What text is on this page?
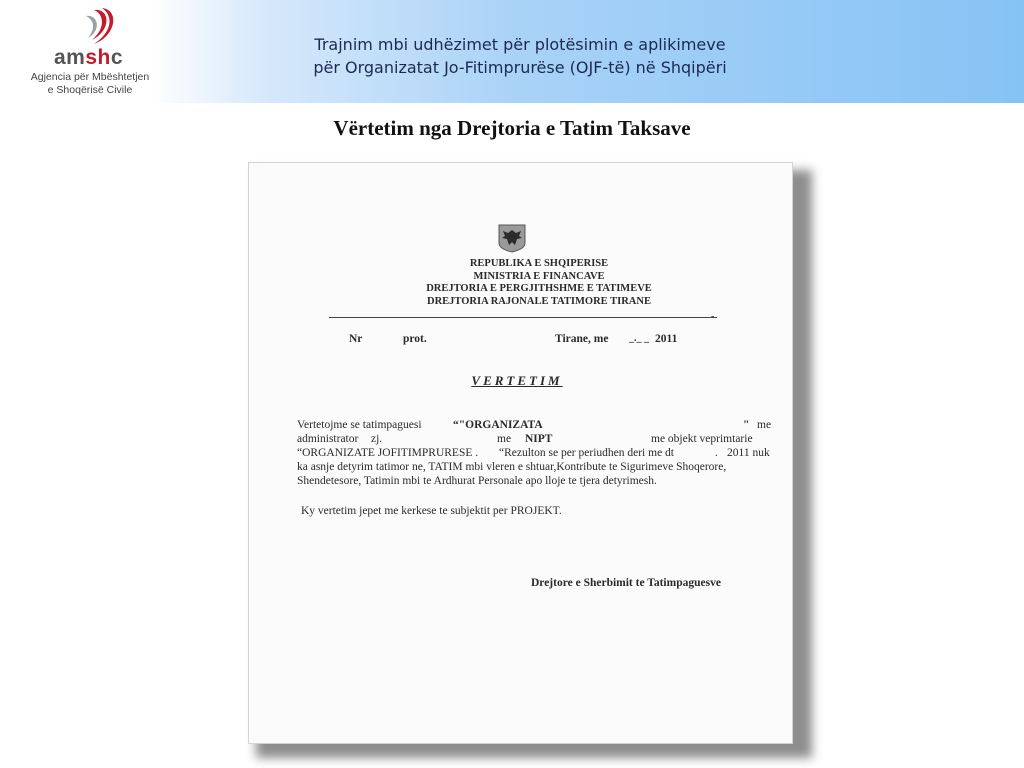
amshc
Agjencia për Mbështetjen
e Shoqërisë Civile
Trajnim mbi udhëzimet për plotësimin e aplikimeve
për Organizatat Jo-Fitimprurëse (OJF-të) në Shqipëri
Vërtetim nga Drejtoria e Tatim Taksave
REPUBLIKA E SHQIPERISE
MINISTRIA E FINANCAVE
DREJTORIA E PERGJITHSHME E TATIMEVE
DREJTORIA RAJONALE TATIMORE TIRANE
-
Nr	prot.	Tirane, me _._ _ 2011
VERTETIM
Vertetojme se tatimpaguesi	“"ORGANIZATA	" me
administrator zj.	me NIPT	me objekt veprimtarie
“ORGANIZATE JOFITIMPRURESE . “Rezulton se per periudhen deri me dt	. 2011 nuk
ka asnje detyrim tatimor ne, TATIM mbi vleren e shtuar,Kontribute te Sigurimeve Shoqerore,
Shendetesore, Tatimin mbi te Ardhurat Personale apo lloje te tjera detyrimesh.
Ky vertetim jepet me kerkese te subjektit per PROJEKT.
Drejtore e Sherbimit te Tatimpaguesve
